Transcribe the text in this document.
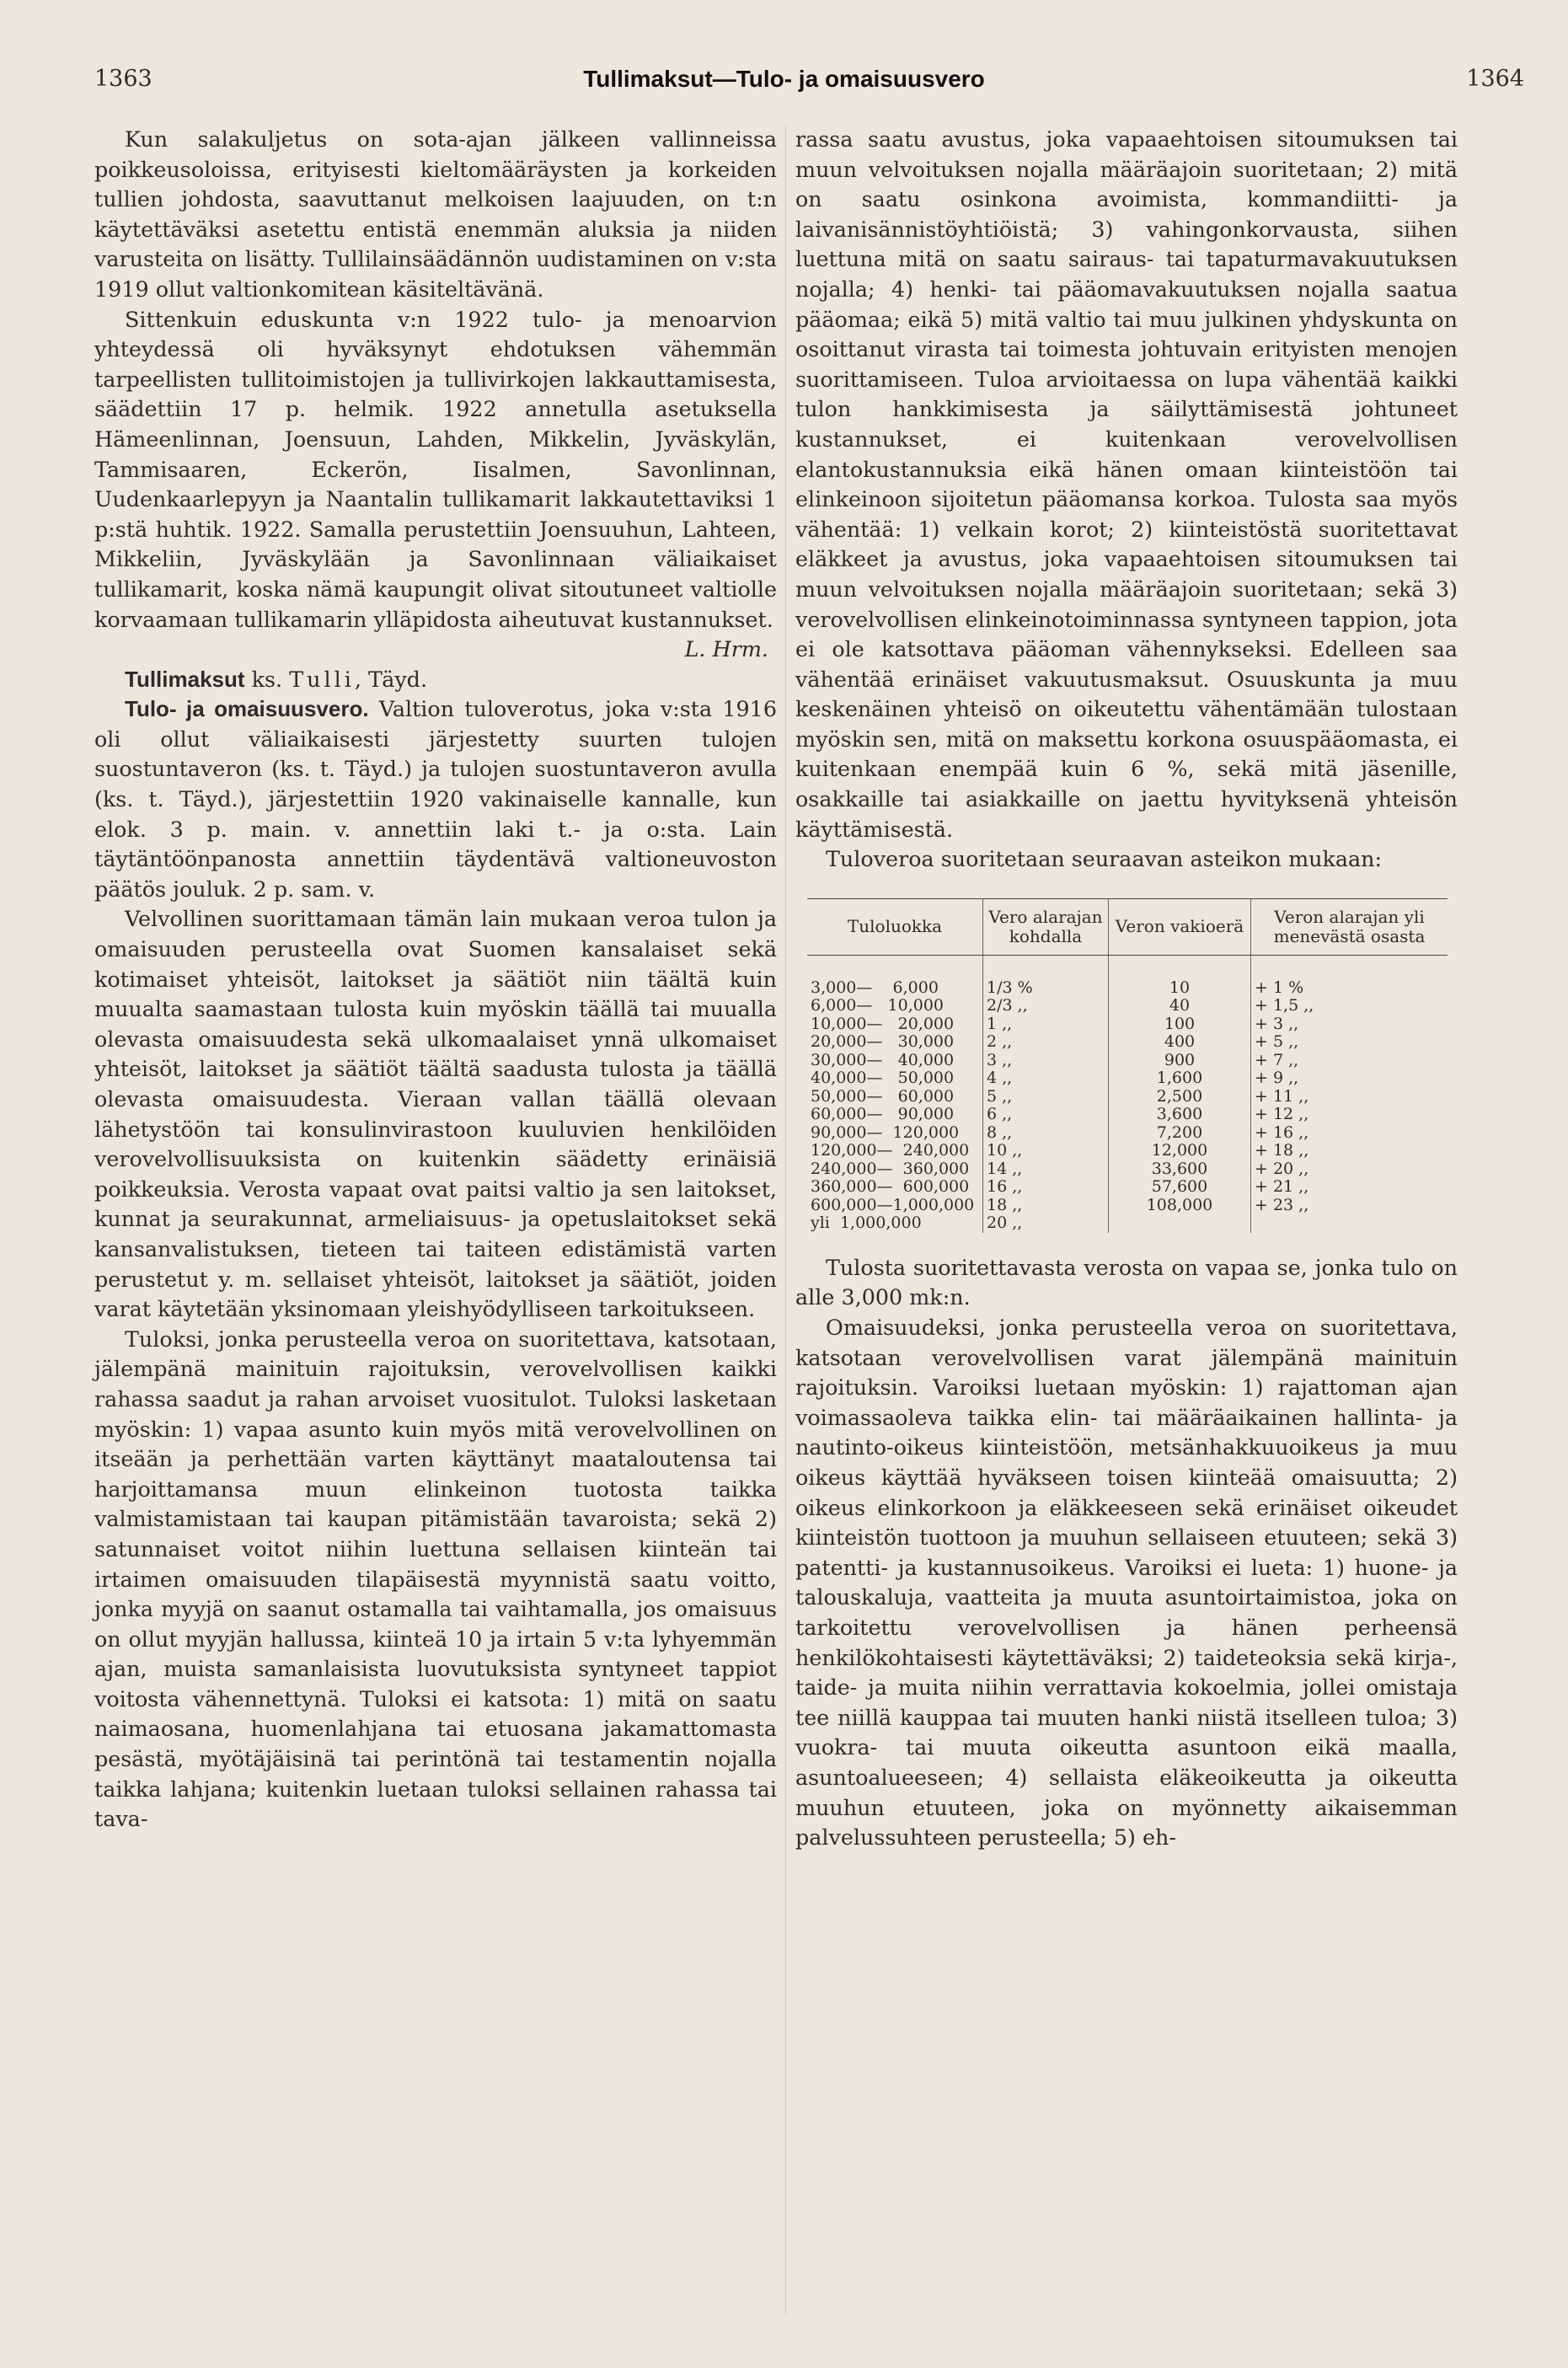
1363	Tullimaksut—Tulo- ja omaisuusvero	1364

Kun salakuljetus on sota-ajan jälkeen vallinneissa poikkeusoloissa, erityisesti kieltomääräysten ja korkeiden tullien johdosta, saavuttanut melkoisen laajuuden, on t:n käytettäväksi asetettu entistä enemmän aluksia ja niiden varusteita on lisätty. Tullilainsäädännön uudistaminen on v:sta 1919 ollut valtionkomitean käsiteltävänä.

Sittenkuin eduskunta v:n 1922 tulo- ja menoarvion yhteydessä oli hyväksynyt ehdotuksen vähemmän tarpeellisten tullitoimistojen ja tullivirkojen lakkauttamisesta, säädettiin 17 p. helmik. 1922 annetulla asetuksella Hämeenlinnan, Joensuun, Lahden, Mikkelin, Jyväskylän, Tammisaaren, Eckerön, Iisalmen, Savonlinnan, Uudenkaarlepyyn ja Naantalin tullikamarit lakkautettaviksi 1 p:stä huhtik. 1922. Samalla perustettiin Joensuuhun, Lahteen, Mikkeliin, Jyväskylään ja Savonlinnaan väliaikaiset tullikamarit, koska nämä kaupungit olivat sitoutuneet valtiolle korvaamaan tullikamarin ylläpidosta aiheutuvat kustannukset.

L. Hrm.

Tullimaksut ks. Tulli, Täyd.

Tulo- ja omaisuusvero. Valtion tuloverotus, joka v:sta 1916 oli ollut väliaikaisesti järjestetty suurten tulojen suostuntaveron (ks. t. Täyd.) ja tulojen suostuntaveron avulla (ks. t. Täyd.), järjestettiin 1920 vakinaiselle kannalle, kun elok. 3 p. main. v. annettiin laki t.- ja o:sta. Lain täytäntöönpanosta annettiin täydentävä valtioneuvoston päätös jouluk. 2 p. sam. v.

Velvollinen suorittamaan tämän lain mukaan veroa tulon ja omaisuuden perusteella ovat Suomen kansalaiset sekä kotimaiset yhteisöt, laitokset ja säätiöt niin täältä kuin muualta saamastaan tulosta kuin myöskin täällä tai muualla olevasta omaisuudesta sekä ulkomaalaiset ynnä ulkomaiset yhteisöt, laitokset ja säätiöt täältä saadusta tulosta ja täällä olevasta omaisuudesta. Vieraan vallan täällä olevaan lähetystöön tai konsulinvirastoon kuuluvien henkilöiden verovelvollisuuksista on kuitenkin säädetty erinäisiä poikkeuksia. Verosta vapaat ovat paitsi valtio ja sen laitokset, kunnat ja seurakunnat, armeliaisuus- ja opetuslaitokset sekä kansanvalistuksen, tieteen tai taiteen edistämistä varten perustetut y. m. sellaiset yhteisöt, laitokset ja säätiöt, joiden varat käytetään yksinomaan yleishyödylliseen tarkoitukseen.

Tuloksi, jonka perusteella veroa on suoritettava, katsotaan, jälempänä mainituin rajoituksin, verovelvollisen kaikki rahassa saadut ja rahan arvoiset vuositulot. Tuloksi lasketaan myöskin: 1) vapaa asunto kuin myös mitä verovelvollinen on itseään ja perhettään varten käyttänyt maataloutensa tai harjoittamansa muun elinkeinon tuotosta taikka valmistamistaan tai kaupan pitämistään tavaroista; sekä 2) satunnaiset voitot niihin luettuna sellaisen kiinteän tai irtaimen omaisuuden tilapäisestä myynnistä saatu voitto, jonka myyjä on saanut ostamalla tai vaihtamalla, jos omaisuus on ollut myyjän hallussa, kiinteä 10 ja irtain 5 v:ta lyhyemmän ajan, muista samanlaisista luovutuksista syntyneet tappiot voitosta vähennettynä. Tuloksi ei katsota: 1) mitä on saatu naimaosana, huomenlahjana tai etuosana jakamattomasta pesästä, myötäjäisinä tai perintönä tai testamentin nojalla taikka lahjana; kuitenkin luetaan tuloksi sellainen rahassa tai tava-

rassa saatu avustus, joka vapaaehtoisen sitoumuksen tai muun velvoituksen nojalla määräajoin suoritetaan; 2) mitä on saatu osinkona avoimista, kommandiitti- ja laivanisännistöyhtiöistä; 3) vahingonkorvausta, siihen luettuna mitä on saatu sairaus- tai tapaturmavakuutuksen nojalla; 4) henki- tai pääomavakuutuksen nojalla saatua pääomaa; eikä 5) mitä valtio tai muu julkinen yhdyskunta on osoittanut virasta tai toimesta johtuvain erityisten menojen suorittamiseen. Tuloa arvioitaessa on lupa vähentää kaikki tulon hankkimisesta ja säilyttämisestä johtuneet kustannukset, ei kuitenkaan verovelvollisen elantokustannuksia eikä hänen omaan kiinteistöön tai elinkeinoon sijoitetun pääomansa korkoa. Tulosta saa myös vähentää: 1) velkain korot; 2) kiinteistöstä suoritettavat eläkkeet ja avustus, joka vapaaehtoisen sitoumuksen tai muun velvoituksen nojalla määräajoin suoritetaan; sekä 3) verovelvollisen elinkeinotoiminnassa syntyneen tappion, jota ei ole katsottava pääoman vähennykseksi. Edelleen saa vähentää erinäiset vakuutusmaksut. Osuuskunta ja muu keskenäinen yhteisö on oikeutettu vähentämään tulostaan myöskin sen, mitä on maksettu korkona osuuspääomasta, ei kuitenkaan enempää kuin 6 %, sekä mitä jäsenille, osakkaille tai asiakkaille on jaettu hyvityksenä yhteisön käyttämisestä.

Tuloveroa suoritetaan seuraavan asteikon mukaan:

Tuloluokka	Vero alarajan kohdalla	Veron vakioerä	Veron alarajan yli menevästä osasta
3,000—    6,000	1/3 %	10	+ 1 %
6,000—   10,000	2/3 ,,	40	+ 1,5 ,,
10,000—   20,000	1 ,,	100	+ 3 ,,
20,000—   30,000	2 ,,	400	+ 5 ,,
30,000—   40,000	3 ,,	900	+ 7 ,,
40,000—   50,000	4 ,,	1,600	+ 9 ,,
50,000—   60,000	5 ,,	2,500	+ 11 ,,
60,000—   90,000	6 ,,	3,600	+ 12 ,,
90,000—  120,000	8 ,,	7,200	+ 16 ,,
120,000—  240,000	10 ,,	12,000	+ 18 ,,
240,000—  360,000	14 ,,	33,600	+ 20 ,,
360,000—  600,000	16 ,,	57,600	+ 21 ,,
600,000—1,000,000	18 ,,	108,000	+ 23 ,,
yli  1,000,000	20 ,,		

Tulosta suoritettavasta verosta on vapaa se, jonka tulo on alle 3,000 mk:n.

Omaisuudeksi, jonka perusteella veroa on suoritettava, katsotaan verovelvollisen varat jälempänä mainituin rajoituksin. Varoiksi luetaan myöskin: 1) rajattoman ajan voimassaoleva taikka elin- tai määräaikainen hallinta- ja nautinto-oikeus kiinteistöön, metsänhakkuuoikeus ja muu oikeus käyttää hyväkseen toisen kiinteää omaisuutta; 2) oikeus elinkorkoon ja eläkkeeseen sekä erinäiset oikeudet kiinteistön tuottoon ja muuhun sellaiseen etuuteen; sekä 3) patentti- ja kustannusoikeus. Varoiksi ei lueta: 1) huone- ja talouskaluja, vaatteita ja muuta asuntoirtaimistoa, joka on tarkoitettu verovelvollisen ja hänen perheensä henkilökohtaisesti käytettäväksi; 2) taideteoksia sekä kirja-, taide- ja muita niihin verrattavia kokoelmia, jollei omistaja tee niillä kauppaa tai muuten hanki niistä itselleen tuloa; 3) vuokra- tai muuta oikeutta asuntoon eikä maalla, asuntoalueeseen; 4) sellaista eläkeoikeutta ja oikeutta muuhun etuuteen, joka on myönnetty aikaisemman palvelussuhteen perusteella; 5) eh-
